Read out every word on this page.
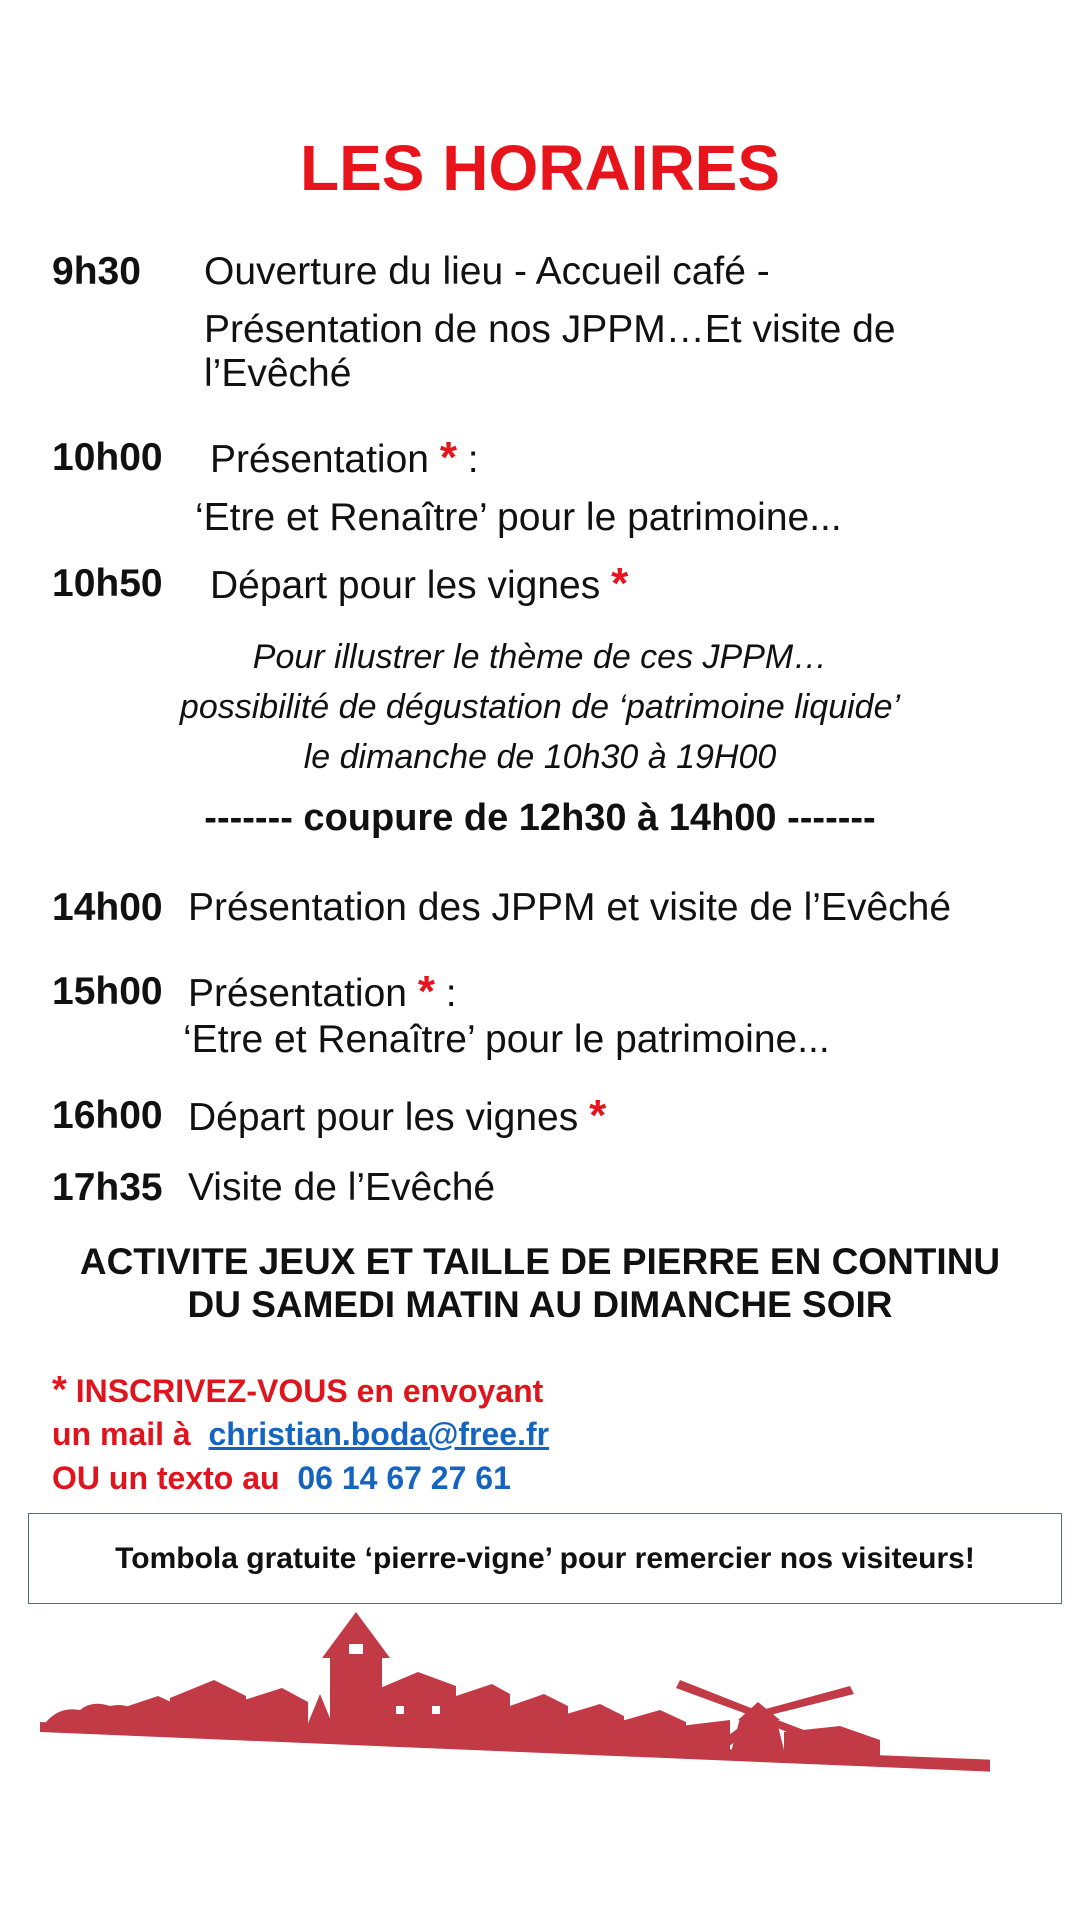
LES HORAIRES
9h30 Ouverture du lieu - Accueil café -
Présentation de nos JPPM…Et visite de
l’Evêché
10h00 Présentation * :
‘Etre et Renaître’ pour le patrimoine...
10h50 Départ pour les vignes *
Pour illustrer le thème de ces JPPM…
possibilité de dégustation de ‘patrimoine liquide’
le dimanche de 10h30 à 19H00
------- coupure de 12h30 à 14h00 -------
14h00 Présentation des JPPM et visite de l’Evêché
15h00 Présentation * :
‘Etre et Renaître’ pour le patrimoine...
16h00 Départ pour les vignes *
17h35 Visite de l’Evêché
ACTIVITE JEUX ET TAILLE DE PIERRE EN CONTINU
DU SAMEDI MATIN AU DIMANCHE SOIR
* INSCRIVEZ-VOUS en envoyant
un mail à christian.boda@free.fr
OU un texto au 06 14 67 27 61
Tombola gratuite ‘pierre-vigne’ pour remercier nos visiteurs!
